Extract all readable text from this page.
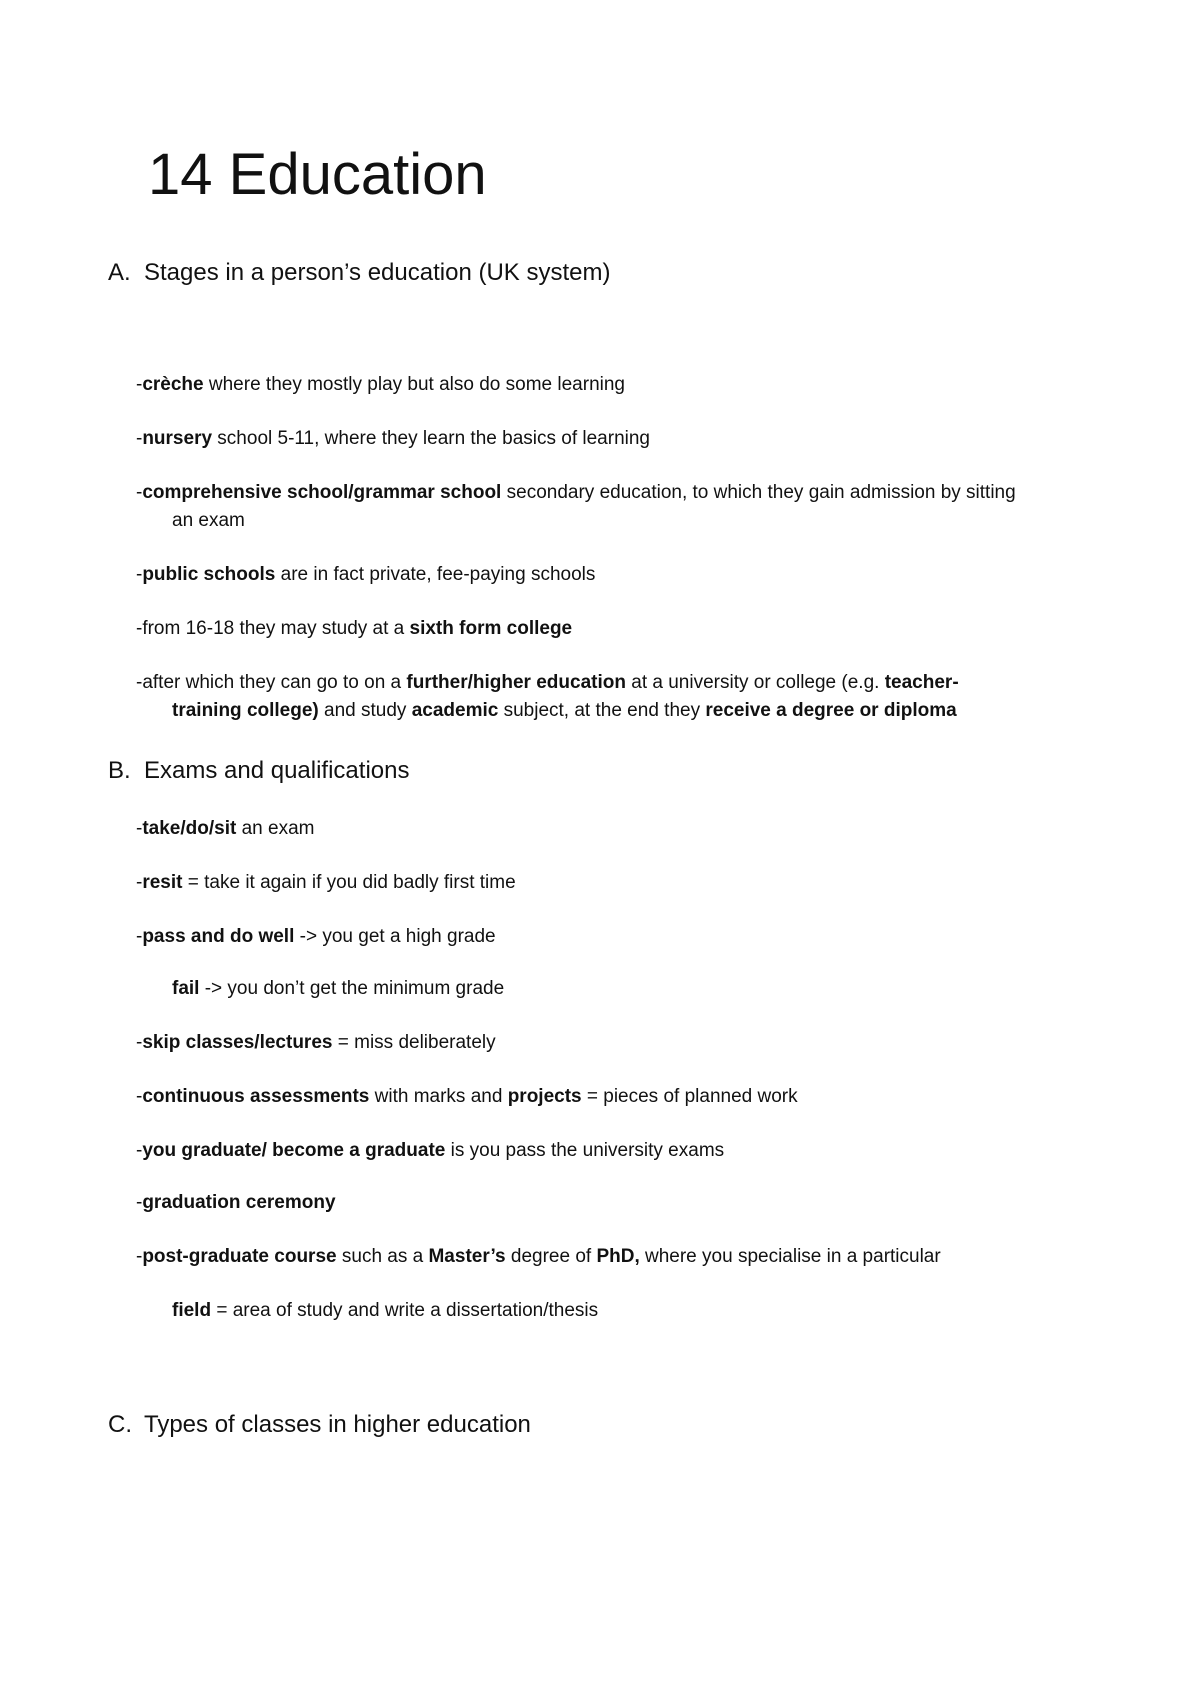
14 Education
A. Stages in a person’s education (UK system)
-crèche where they mostly play but also do some learning
-nursery school 5-11, where they learn the basics of learning
-comprehensive school/grammar school secondary education, to which they gain admission by sitting
an exam
-public schools are in fact private, fee-paying schools
-from 16-18 they may study at a sixth form college
-after which they can go to on a further/higher education at a university or college (e.g. teacher-
training college) and study academic subject, at the end they receive a degree or diploma
B. Exams and qualifications
-take/do/sit an exam
-resit = take it again if you did badly first time
-pass and do well -> you get a high grade
fail -> you don’t get the minimum grade
-skip classes/lectures = miss deliberately
-continuous assessments with marks and projects = pieces of planned work
-you graduate/ become a graduate is you pass the university exams
-graduation ceremony
-post-graduate course such as a Master’s degree of PhD, where you specialise in a particular
field = area of study and write a dissertation/thesis
C. Types of classes in higher education
